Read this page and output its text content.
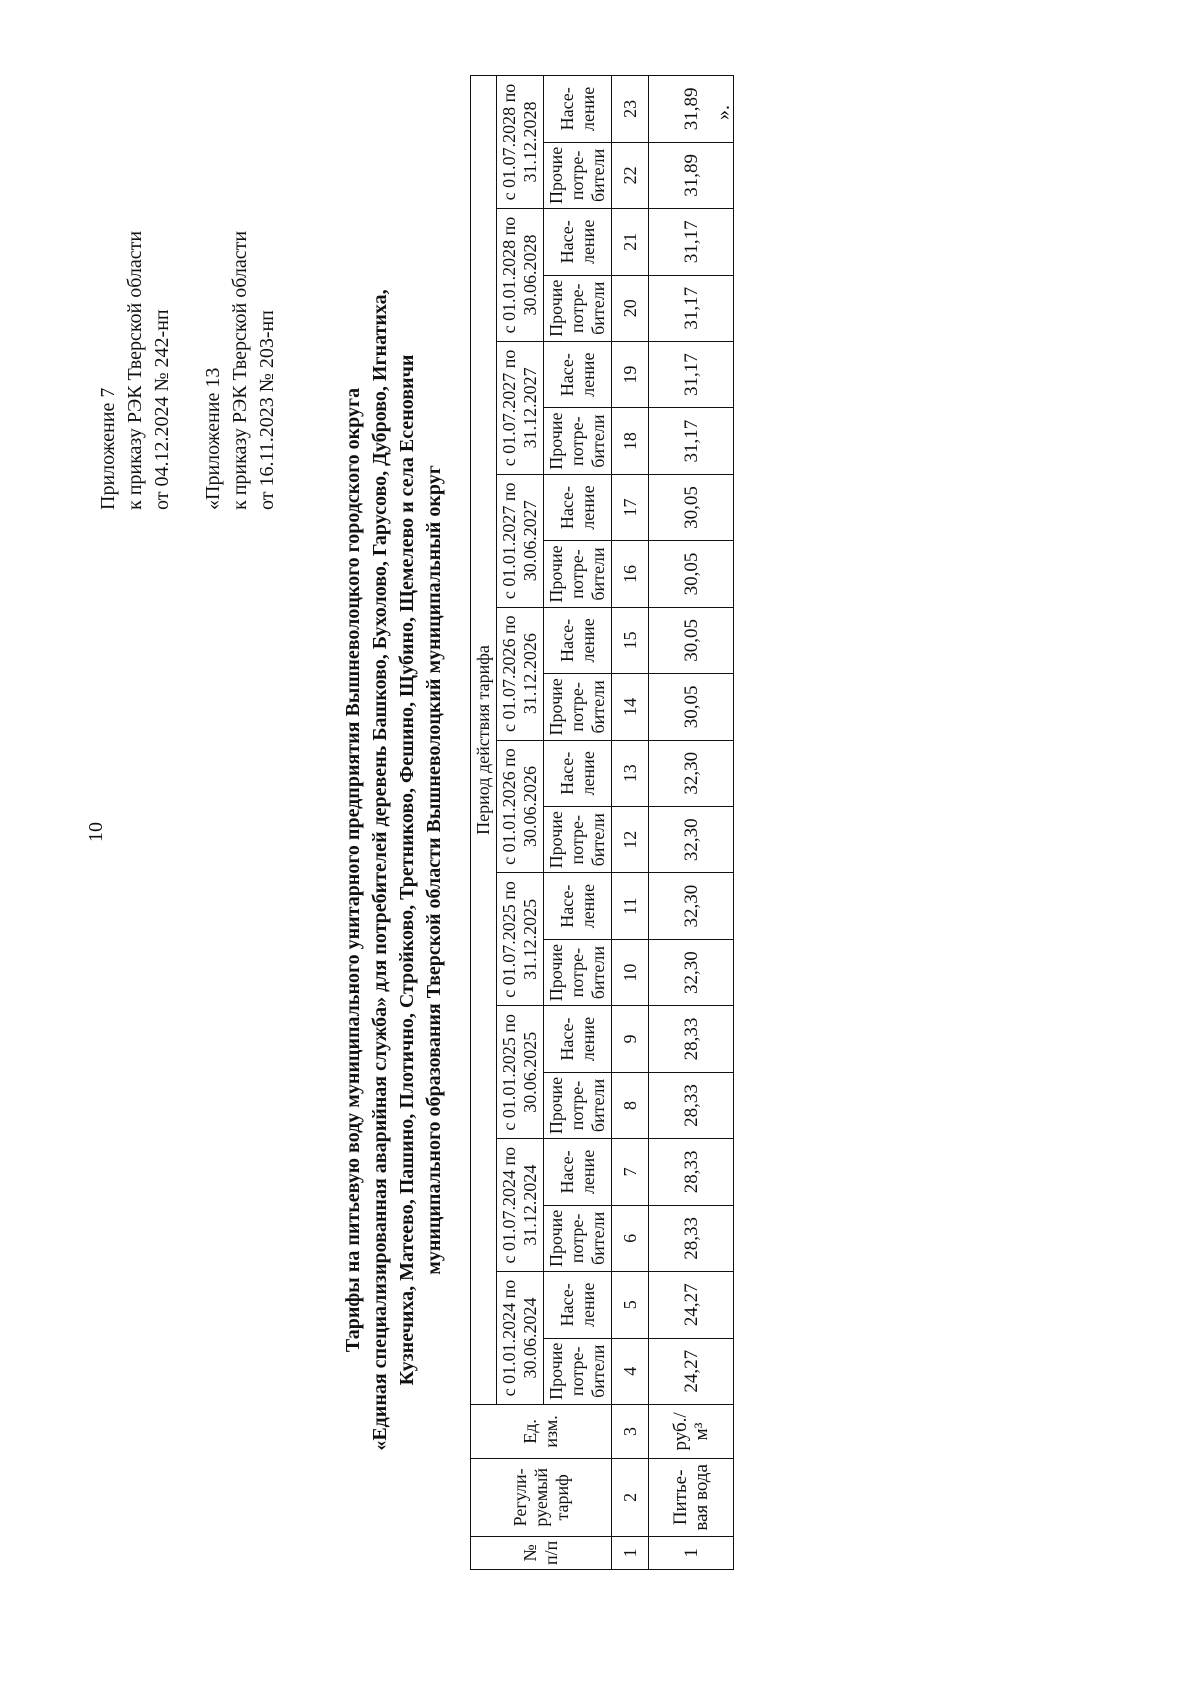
10
Приложение 7 к приказу РЭК Тверской области от 04.12.2024 № 242-нп «Приложение 13 к приказу РЭК Тверской области от 16.11.2023 № 203-нп	Тарифы на питьевую воду муниципального унитарного предприятия Вышневолоцкого городского округа «Единая специализированная аварийная служба» для потребителей деревень Башково, Бухолово, Гарусово, Дуброво, Игнатиха, Кузнечиха, Матеево, Пашино, Плотично, Стройково, Третниково, Фешино, Щубино, Щемелево и села Есеновичи муниципального образования Тверской области Вышневолоцкий муниципальный округ
№ п/п	Регули-руемый тариф	Ед. изм.	Период действия тарифа																			
			с 01.01.2024 по 30.06.2024		с 01.07.2024 по 31.12.2024		с 01.01.2025 по 30.06.2025		с 01.07.2025 по 31.12.2025		с 01.01.2026 по 30.06.2026		с 01.07.2026 по 31.12.2026		с 01.01.2027 по 30.06.2027		с 01.07.2027 по 31.12.2027		с 01.01.2028 по 30.06.2028		с 01.07.2028 по 31.12.2028	
			Прочие потре-бители	Насе-ление	Прочие потре-бители	Насе-ление	Прочие потре-бители	Насе-ление	Прочие потре-бители	Насе-ление	Прочие потре-бители	Насе-ление	Прочие потре-бители	Насе-ление	Прочие потре-бители	Насе-ление	Прочие потре-бители	Насе-ление	Прочие потре-бители	Насе-ление	Прочие потре-бители	Насе-ление
1	2	3	4	5	6	7	8	9	10	11	12	13	14	15	16	17	18	19	20	21	22	23
1	Питье-вая вода	руб./м³	24,27	24,27	28,33	28,33	28,33	28,33	32,30	32,30	32,30	32,30	30,05	30,05	30,05	30,05	31,17	31,17	31,17	31,17	31,89	31,89 ».
